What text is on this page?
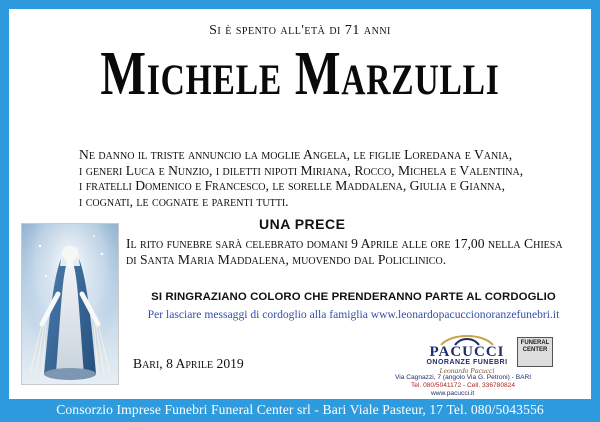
Si è spento all'età di 71 anni
Michele Marzulli
Ne danno il triste annuncio la moglie Angela, le figlie Loredana e Vania,
i generi Luca e Nunzio, i diletti nipoti Miriana, Rocco, Michela e Valentina,
i fratelli Domenico e Francesco, le sorelle Maddalena, Giulia e Gianna,
i cognati, le cognate e parenti tutti.
UNA PRECE
Il rito funebre sarà celebrato domani 9 Aprile alle ore 17,00 nella Chiesa
di Santa Maria Maddalena, muovendo dal Policlinico.
SI RINGRAZIANO COLORO CHE PRENDERANNO PARTE AL CORDOGLIO
Per lasciare messaggi di cordoglio alla famiglia www.leonardopacuccionoranzefunebri.it
Bari, 8 Aprile 2019
PACUCCI
ONORANZE FUNEBRI
Leonardo Pacucci
FUNERAL CENTER
Via Cagnazzi, 7 (angolo Via G. Petroni) - BARI
Tel. 080/5041172 - Cell. 336780824
www.pacucci.it
Consorzio Imprese Funebri Funeral Center srl - Bari Viale Pasteur, 17 Tel. 080/5043556
